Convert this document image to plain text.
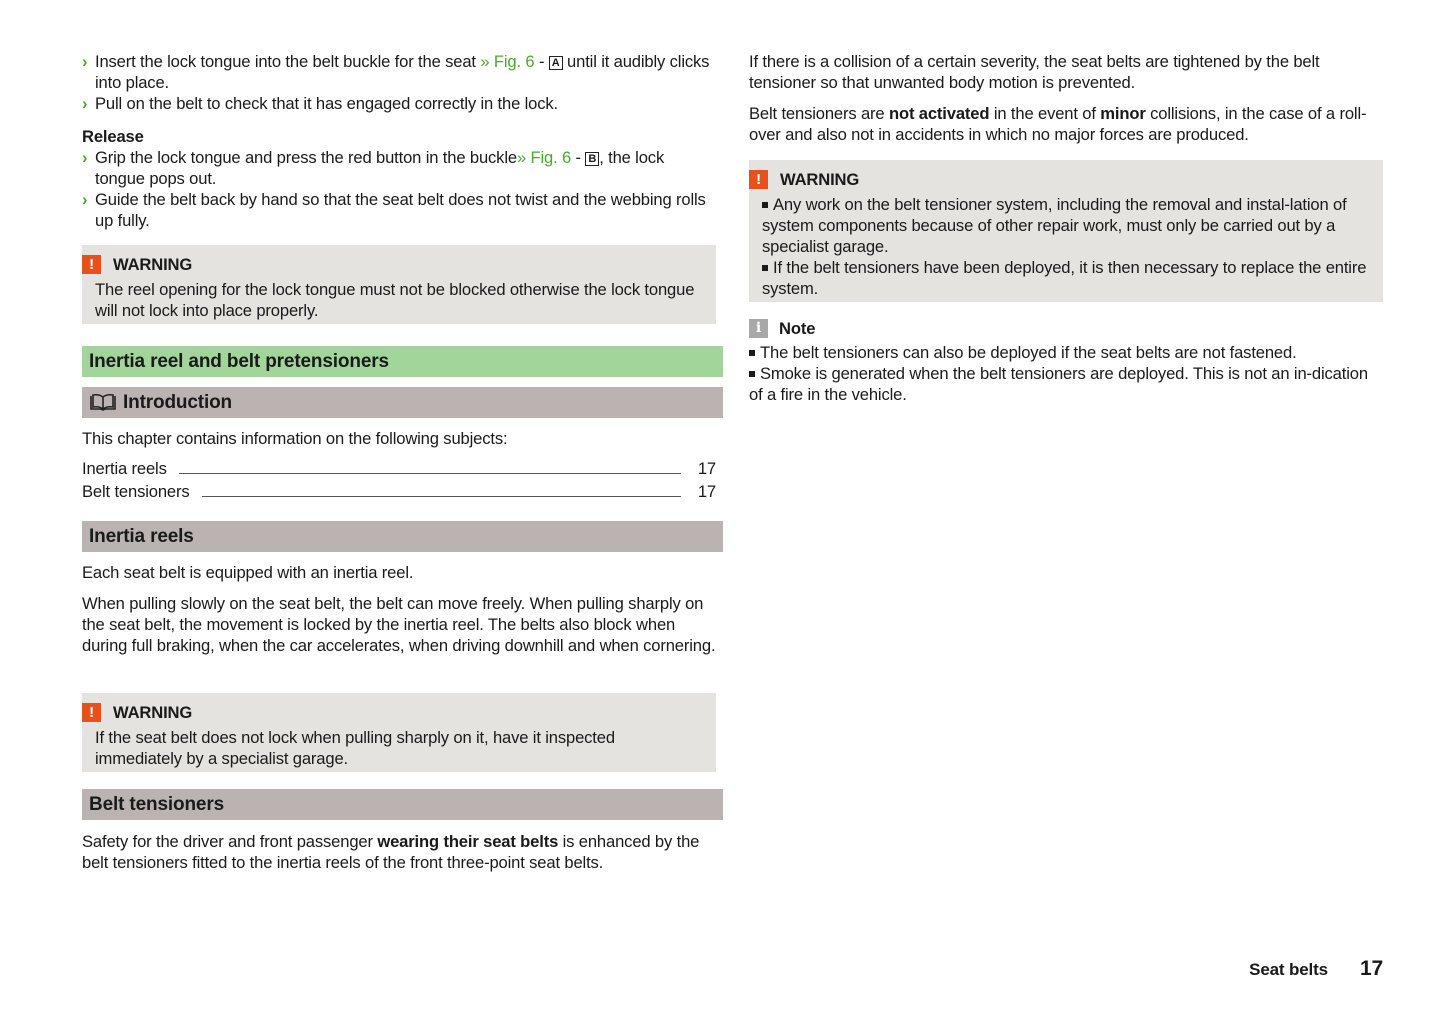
› Insert the lock tongue into the belt buckle for the seat » Fig. 6 - A until it audibly clicks into place.

› Pull on the belt to check that it has engaged correctly in the lock.

Release

› Grip the lock tongue and press the red button in the buckle» Fig. 6 - B , the lock tongue pops out.

› Guide the belt back by hand so that the seat belt does not twist and the webbing rolls up fully.

!	WARNING

The reel opening for the lock tongue must not be blocked otherwise the lock tongue will not lock into place properly.

Inertia reel and belt pretensioners
Introduction
This chapter contains information on the following subjects:
Inertia reels	17
Belt tensioners	17
Inertia reels

Each seat belt is equipped with an inertia reel.

When pulling slowly on the seat belt, the belt can move freely. When pulling sharply on the seat belt, the movement is locked by the inertia reel. The belts also block when during full braking, when the car accelerates, when driving downhill and when cornering.

!	WARNING

If the seat belt does not lock when pulling sharply on it, have it inspected immediately by a specialist garage.

Belt tensioners

Safety for the driver and front passenger wearing their seat belts is enhanced by the belt tensioners fitted to the inertia reels of the front three-point seat belts.

If there is a collision of a certain severity, the seat belts are tightened by the belt tensioner so that unwanted body motion is prevented.

Belt tensioners are not activated in the event of minor collisions, in the case of a roll-over and also not in accidents in which no major forces are produced.

!	WARNING

Any work on the belt tensioner system, including the removal and instal-lation of system components because of other repair work, must only be carried out by a specialist garage.

If the belt tensioners have been deployed, it is then necessary to replace the entire system.

i	Note

The belt tensioners can also be deployed if the seat belts are not fastened.

Smoke is generated when the belt tensioners are deployed. This is not an in-dication of a fire in the vehicle.

Seat belts 17
